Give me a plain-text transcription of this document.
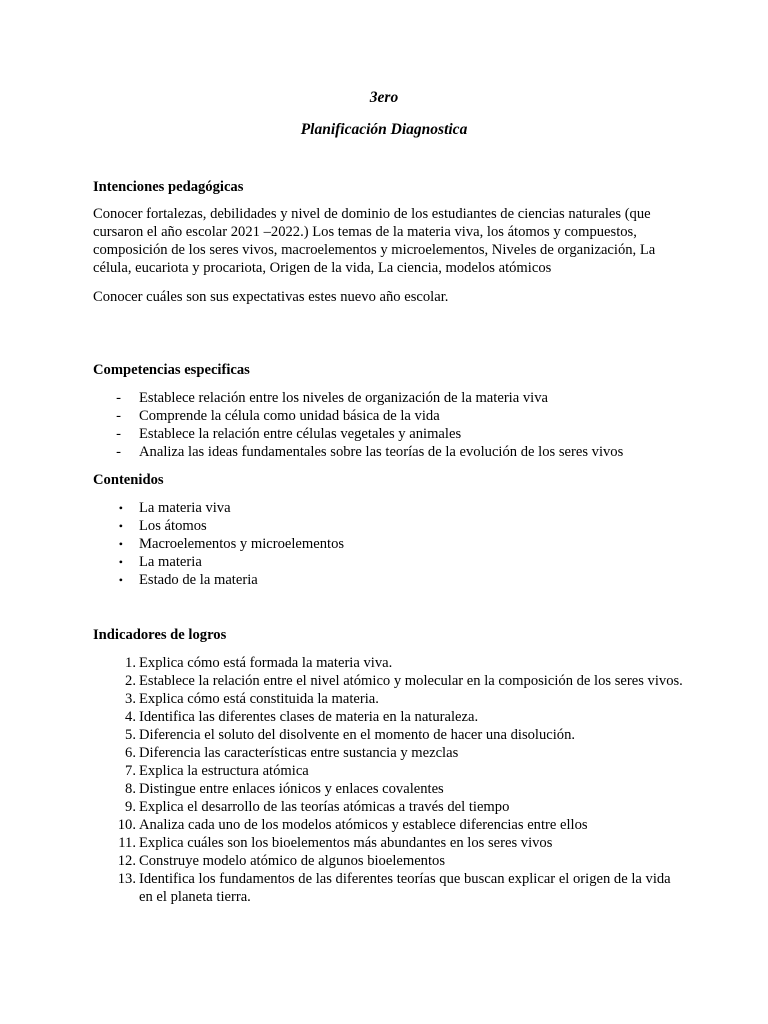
3ero
Planificación Diagnostica
Intenciones pedagógicas

Conocer fortalezas, debilidades y nivel de dominio de los estudiantes de ciencias naturales (que cursaron el año escolar 2021 –2022.) Los temas de la materia viva, los átomos y compuestos, composición de los seres vivos, macroelementos y microelementos, Niveles de organización, La célula, eucariota y procariota, Origen de la vida, La ciencia, modelos atómicos

Conocer cuáles son sus expectativas estes nuevo año escolar.

Competencias especificas
- Establece relación entre los niveles de organización de la materia viva
- Comprende la célula como unidad básica de la vida
- Establece la relación entre células vegetales y animales
- Analiza las ideas fundamentales sobre las teorías de la evolución de los seres vivos
Contenidos
• La materia viva
• Los átomos
• Macroelementos y microelementos
• La materia
• Estado de la materia
Indicadores de logros
1. Explica cómo está formada la materia viva.
2. Establece la relación entre el nivel atómico y molecular en la composición de los seres vivos.
3. Explica cómo está constituida la materia.
4. Identifica las diferentes clases de materia en la naturaleza.
5. Diferencia el soluto del disolvente en el momento de hacer una disolución.
6. Diferencia las características entre sustancia y mezclas
7. Explica la estructura atómica
8. Distingue entre enlaces iónicos y enlaces covalentes
9. Explica el desarrollo de las teorías atómicas a través del tiempo
10. Analiza cada uno de los modelos atómicos y establece diferencias entre ellos
11. Explica cuáles son los bioelementos más abundantes en los seres vivos
12. Construye modelo atómico de algunos bioelementos
13. Identifica los fundamentos de las diferentes teorías que buscan explicar el origen de la vida en el planeta tierra.
